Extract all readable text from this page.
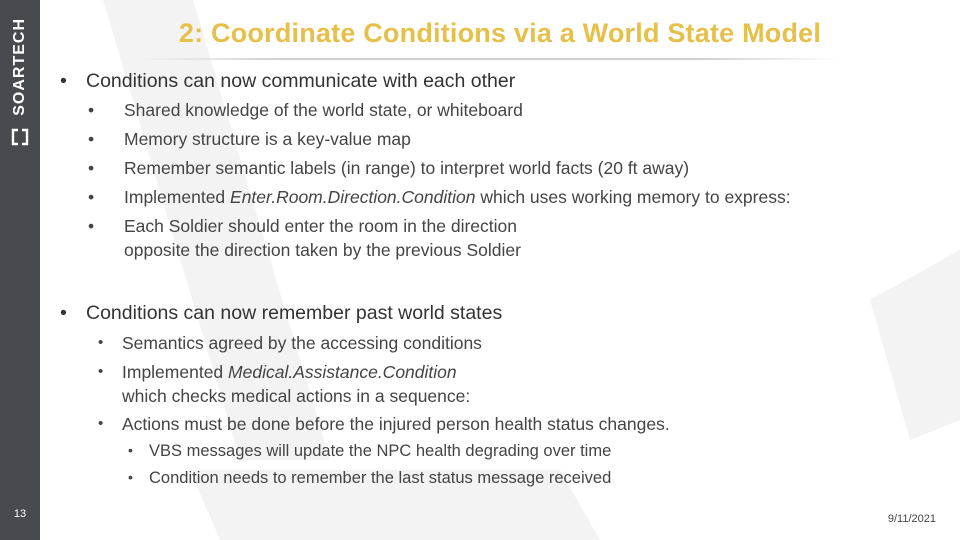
SOARTECH
13
2: Coordinate Conditions via a World State Model
• Conditions can now communicate with each other
• Shared knowledge of the world state, or whiteboard
• Memory structure is a key-value map
• Remember semantic labels (in range) to interpret world facts (20 ft away)
• Implemented Enter.Room.Direction.Condition which uses working memory to express:
• Each Soldier should enter the room in the direction
opposite the direction taken by the previous Soldier
• Conditions can now remember past world states
• Semantics agreed by the accessing conditions
• Implemented Medical.Assistance.Condition
which checks medical actions in a sequence:
• Actions must be done before the injured person health status changes.
• VBS messages will update the NPC health degrading over time
• Condition needs to remember the last status message received
9/11/2021
